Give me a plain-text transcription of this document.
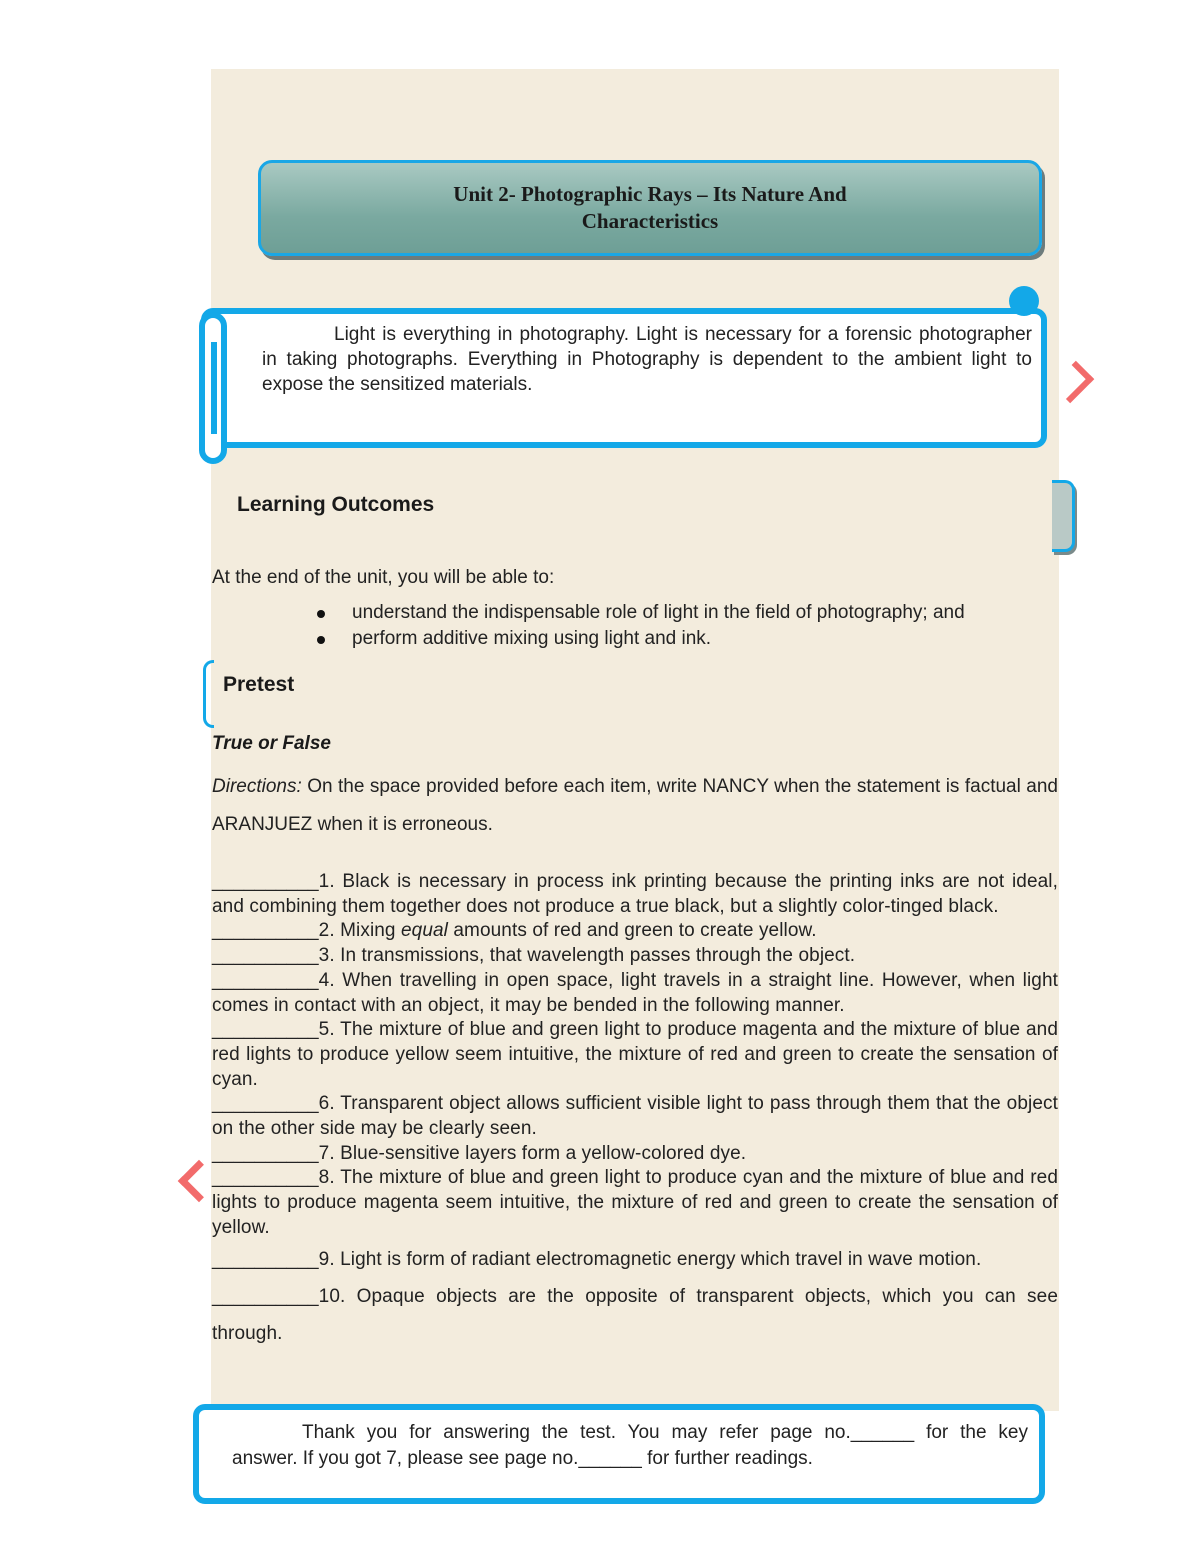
Unit 2- Photographic Rays – Its Nature And
Characteristics
Light is everything in photography. Light is necessary for a forensic photographer in taking photographs. Everything in Photography is dependent to the ambient light to expose the sensitized materials.
Learning Outcomes
At the end of the unit, you will be able to:
understand the indispensable role of light in the field of photography; and
perform additive mixing using light and ink.
Pretest
True or False
Directions: On the space provided before each item, write NANCY when the statement is factual and ARANJUEZ when it is erroneous.
__________1. Black is necessary in process ink printing because the printing inks are not ideal, and combining them together does not produce a true black, but a slightly color-tinged black.
__________2. Mixing equal amounts of red and green to create yellow.
__________3. In transmissions, that wavelength passes through the object.
__________4. When travelling in open space, light travels in a straight line. However, when light comes in contact with an object, it may be bended in the following manner.
__________5. The mixture of blue and green light to produce magenta and the mixture of blue and red lights to produce yellow seem intuitive, the mixture of red and green to create the sensation of cyan.
__________6. Transparent object allows sufficient visible light to pass through them that the object on the other side may be clearly seen.
__________7. Blue-sensitive layers form a yellow-colored dye.
__________8. The mixture of blue and green light to produce cyan and the mixture of blue and red lights to produce magenta seem intuitive, the mixture of red and green to create the sensation of yellow.
__________9. Light is form of radiant electromagnetic energy which travel in wave motion.
__________10. Opaque objects are the opposite of transparent objects, which you can see through.
Thank you for answering the test. You may refer page no.______ for the key
answer. If you got 7, please see page no.______ for further readings.
